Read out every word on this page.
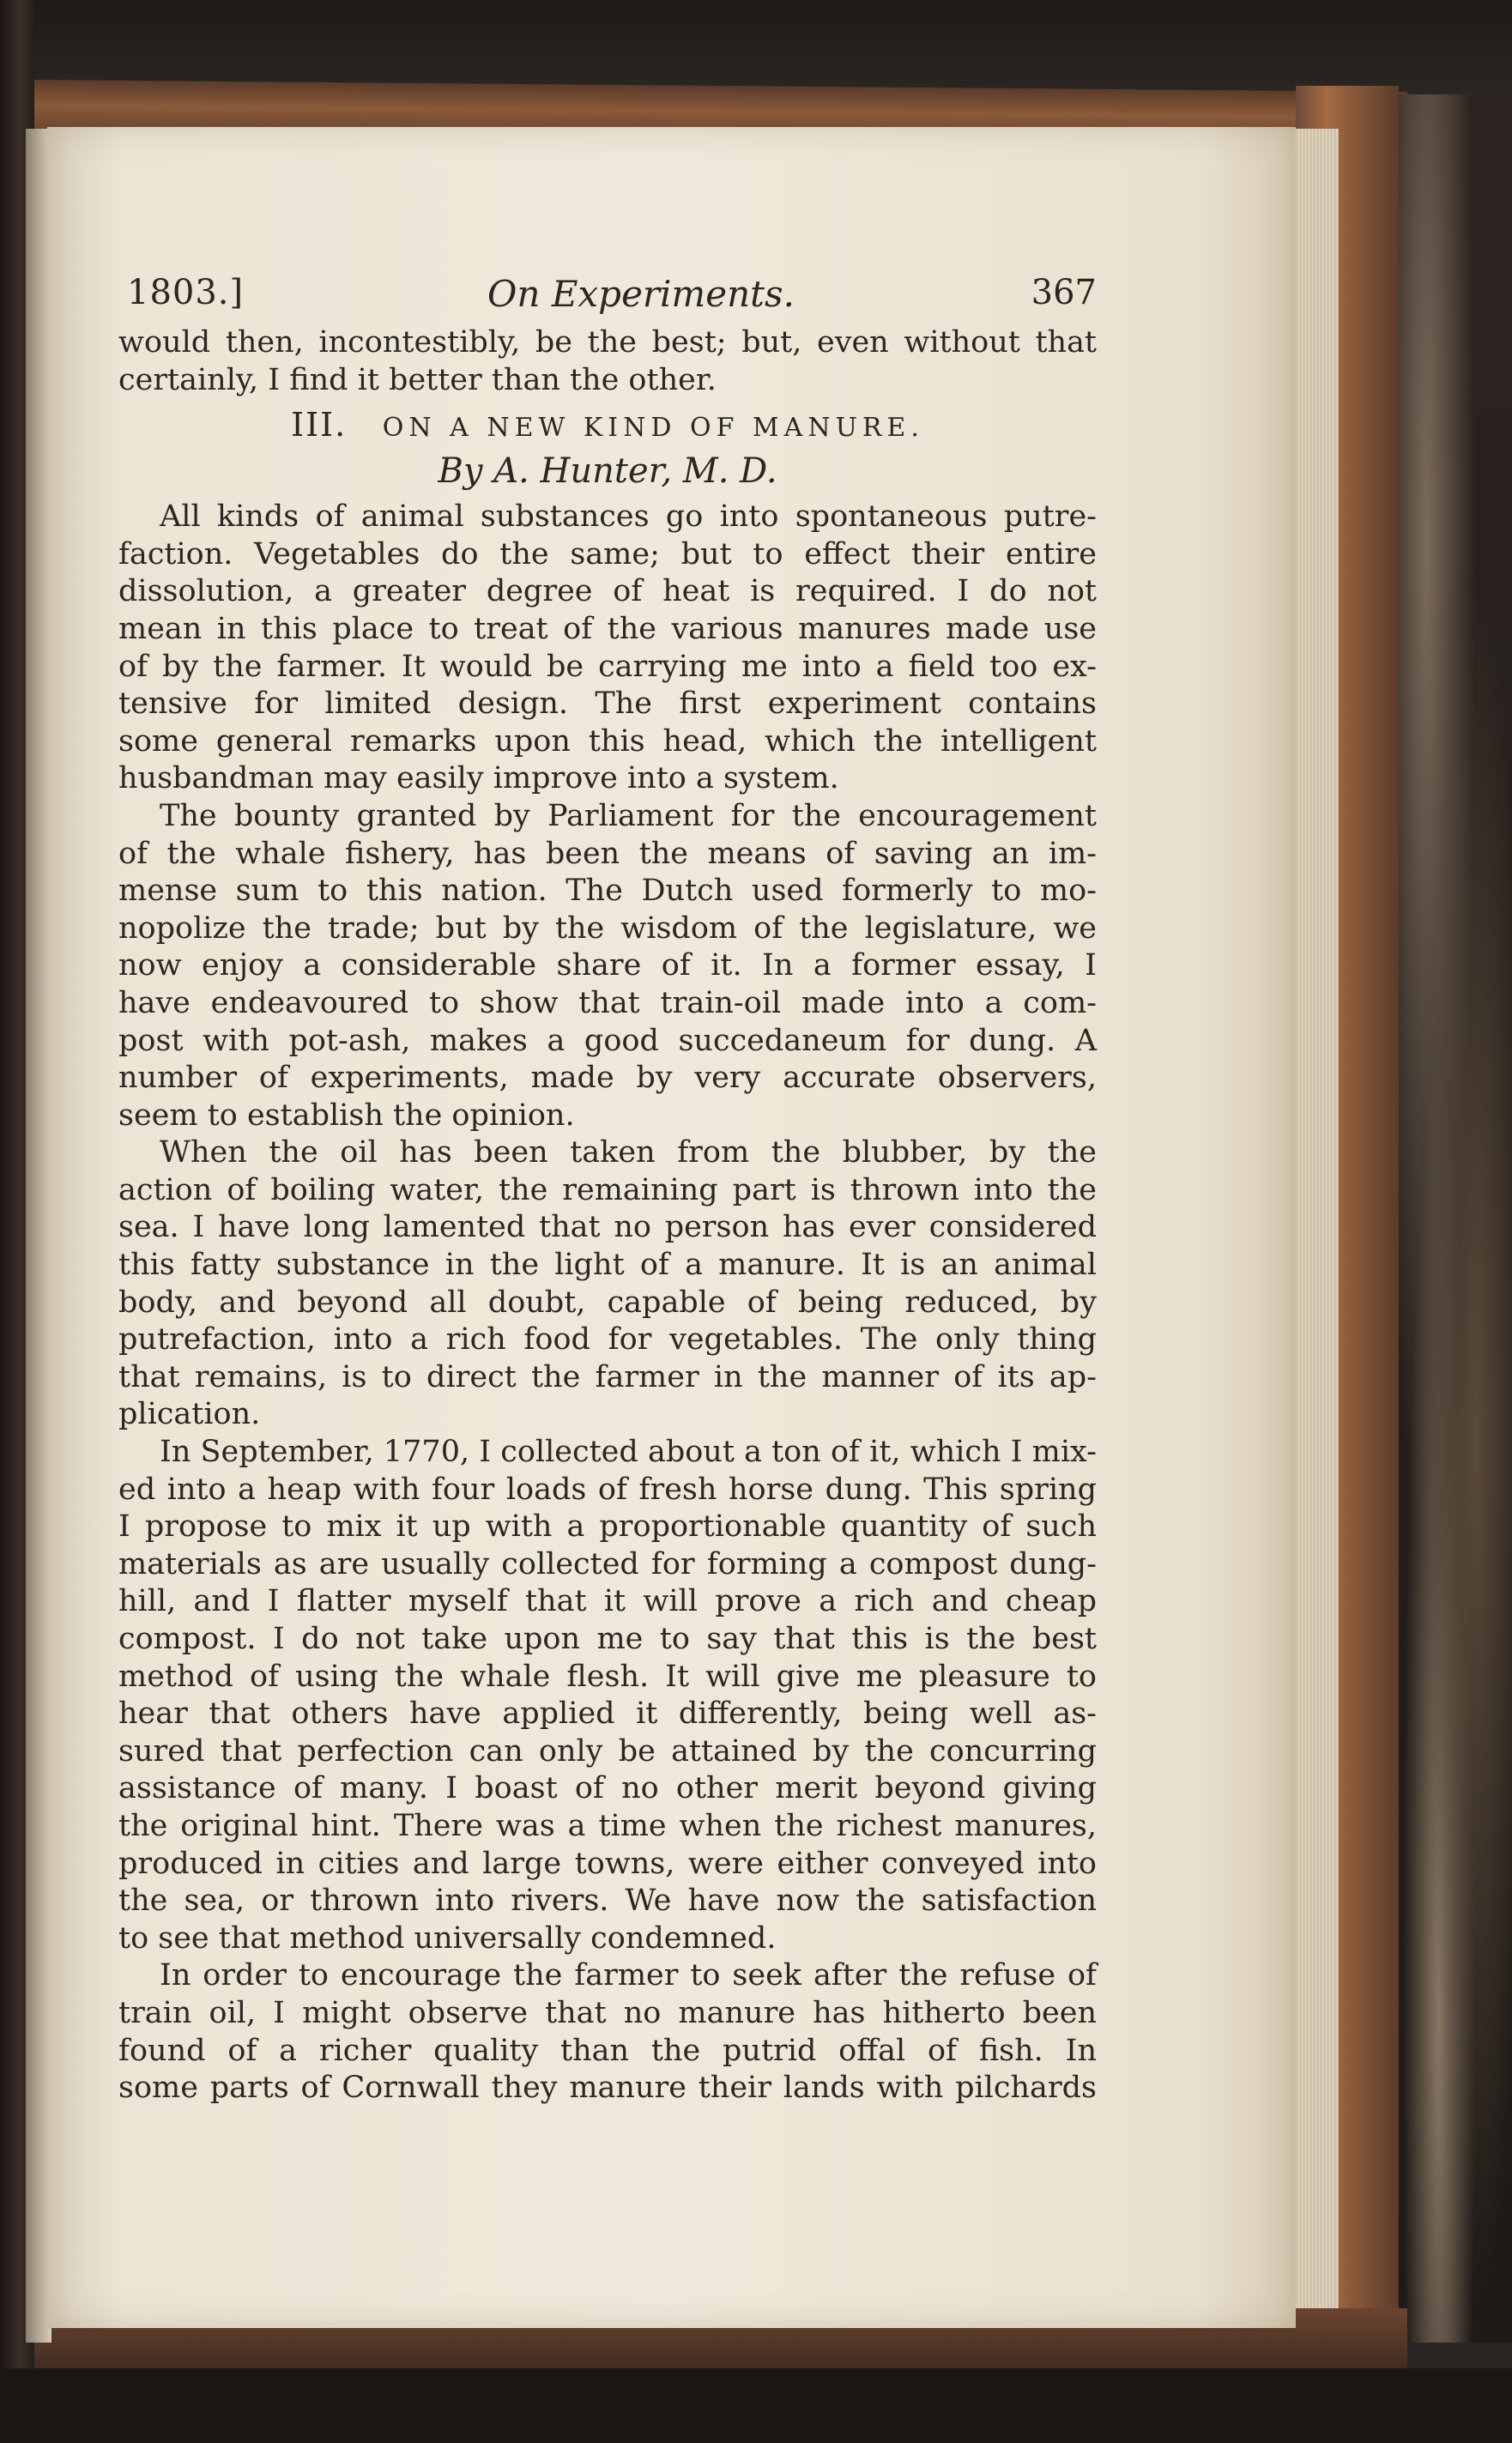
1803.]	On Experiments.	367

would then, incontestibly, be the best; but, even without that
certainly, I find it better than the other.

III. ON A NEW KIND OF MANURE.
By A. Hunter, M. D.

All kinds of animal substances go into spontaneous putre-
faction. Vegetables do the same; but to effect their entire
dissolution, a greater degree of heat is required. I do not
mean in this place to treat of the various manures made use
of by the farmer. It would be carrying me into a field too ex-
tensive for limited design. The first experiment contains
some general remarks upon this head, which the intelligent
husbandman may easily improve into a system.

The bounty granted by Parliament for the encouragement
of the whale fishery, has been the means of saving an im-
mense sum to this nation. The Dutch used formerly to mo-
nopolize the trade; but by the wisdom of the legislature, we
now enjoy a considerable share of it. In a former essay, I
have endeavoured to show that train-oil made into a com-
post with pot-ash, makes a good succedaneum for dung. A
number of experiments, made by very accurate observers,
seem to establish the opinion.

When the oil has been taken from the blubber, by the
action of boiling water, the remaining part is thrown into the
sea. I have long lamented that no person has ever considered
this fatty substance in the light of a manure. It is an animal
body, and beyond all doubt, capable of being reduced, by
putrefaction, into a rich food for vegetables. The only thing
that remains, is to direct the farmer in the manner of its ap-
plication.

In September, 1770, I collected about a ton of it, which I mix-
ed into a heap with four loads of fresh horse dung. This spring
I propose to mix it up with a proportionable quantity of such
materials as are usually collected for forming a compost dung-
hill, and I flatter myself that it will prove a rich and cheap
compost. I do not take upon me to say that this is the best
method of using the whale flesh. It will give me pleasure to
hear that others have applied it differently, being well as-
sured that perfection can only be attained by the concurring
assistance of many. I boast of no other merit beyond giving
the original hint. There was a time when the richest manures,
produced in cities and large towns, were either conveyed into
the sea, or thrown into rivers. We have now the satisfaction
to see that method universally condemned.

In order to encourage the farmer to seek after the refuse of
train oil, I might observe that no manure has hitherto been
found of a richer quality than the putrid offal of fish. In
some parts of Cornwall they manure their lands with pilchards
